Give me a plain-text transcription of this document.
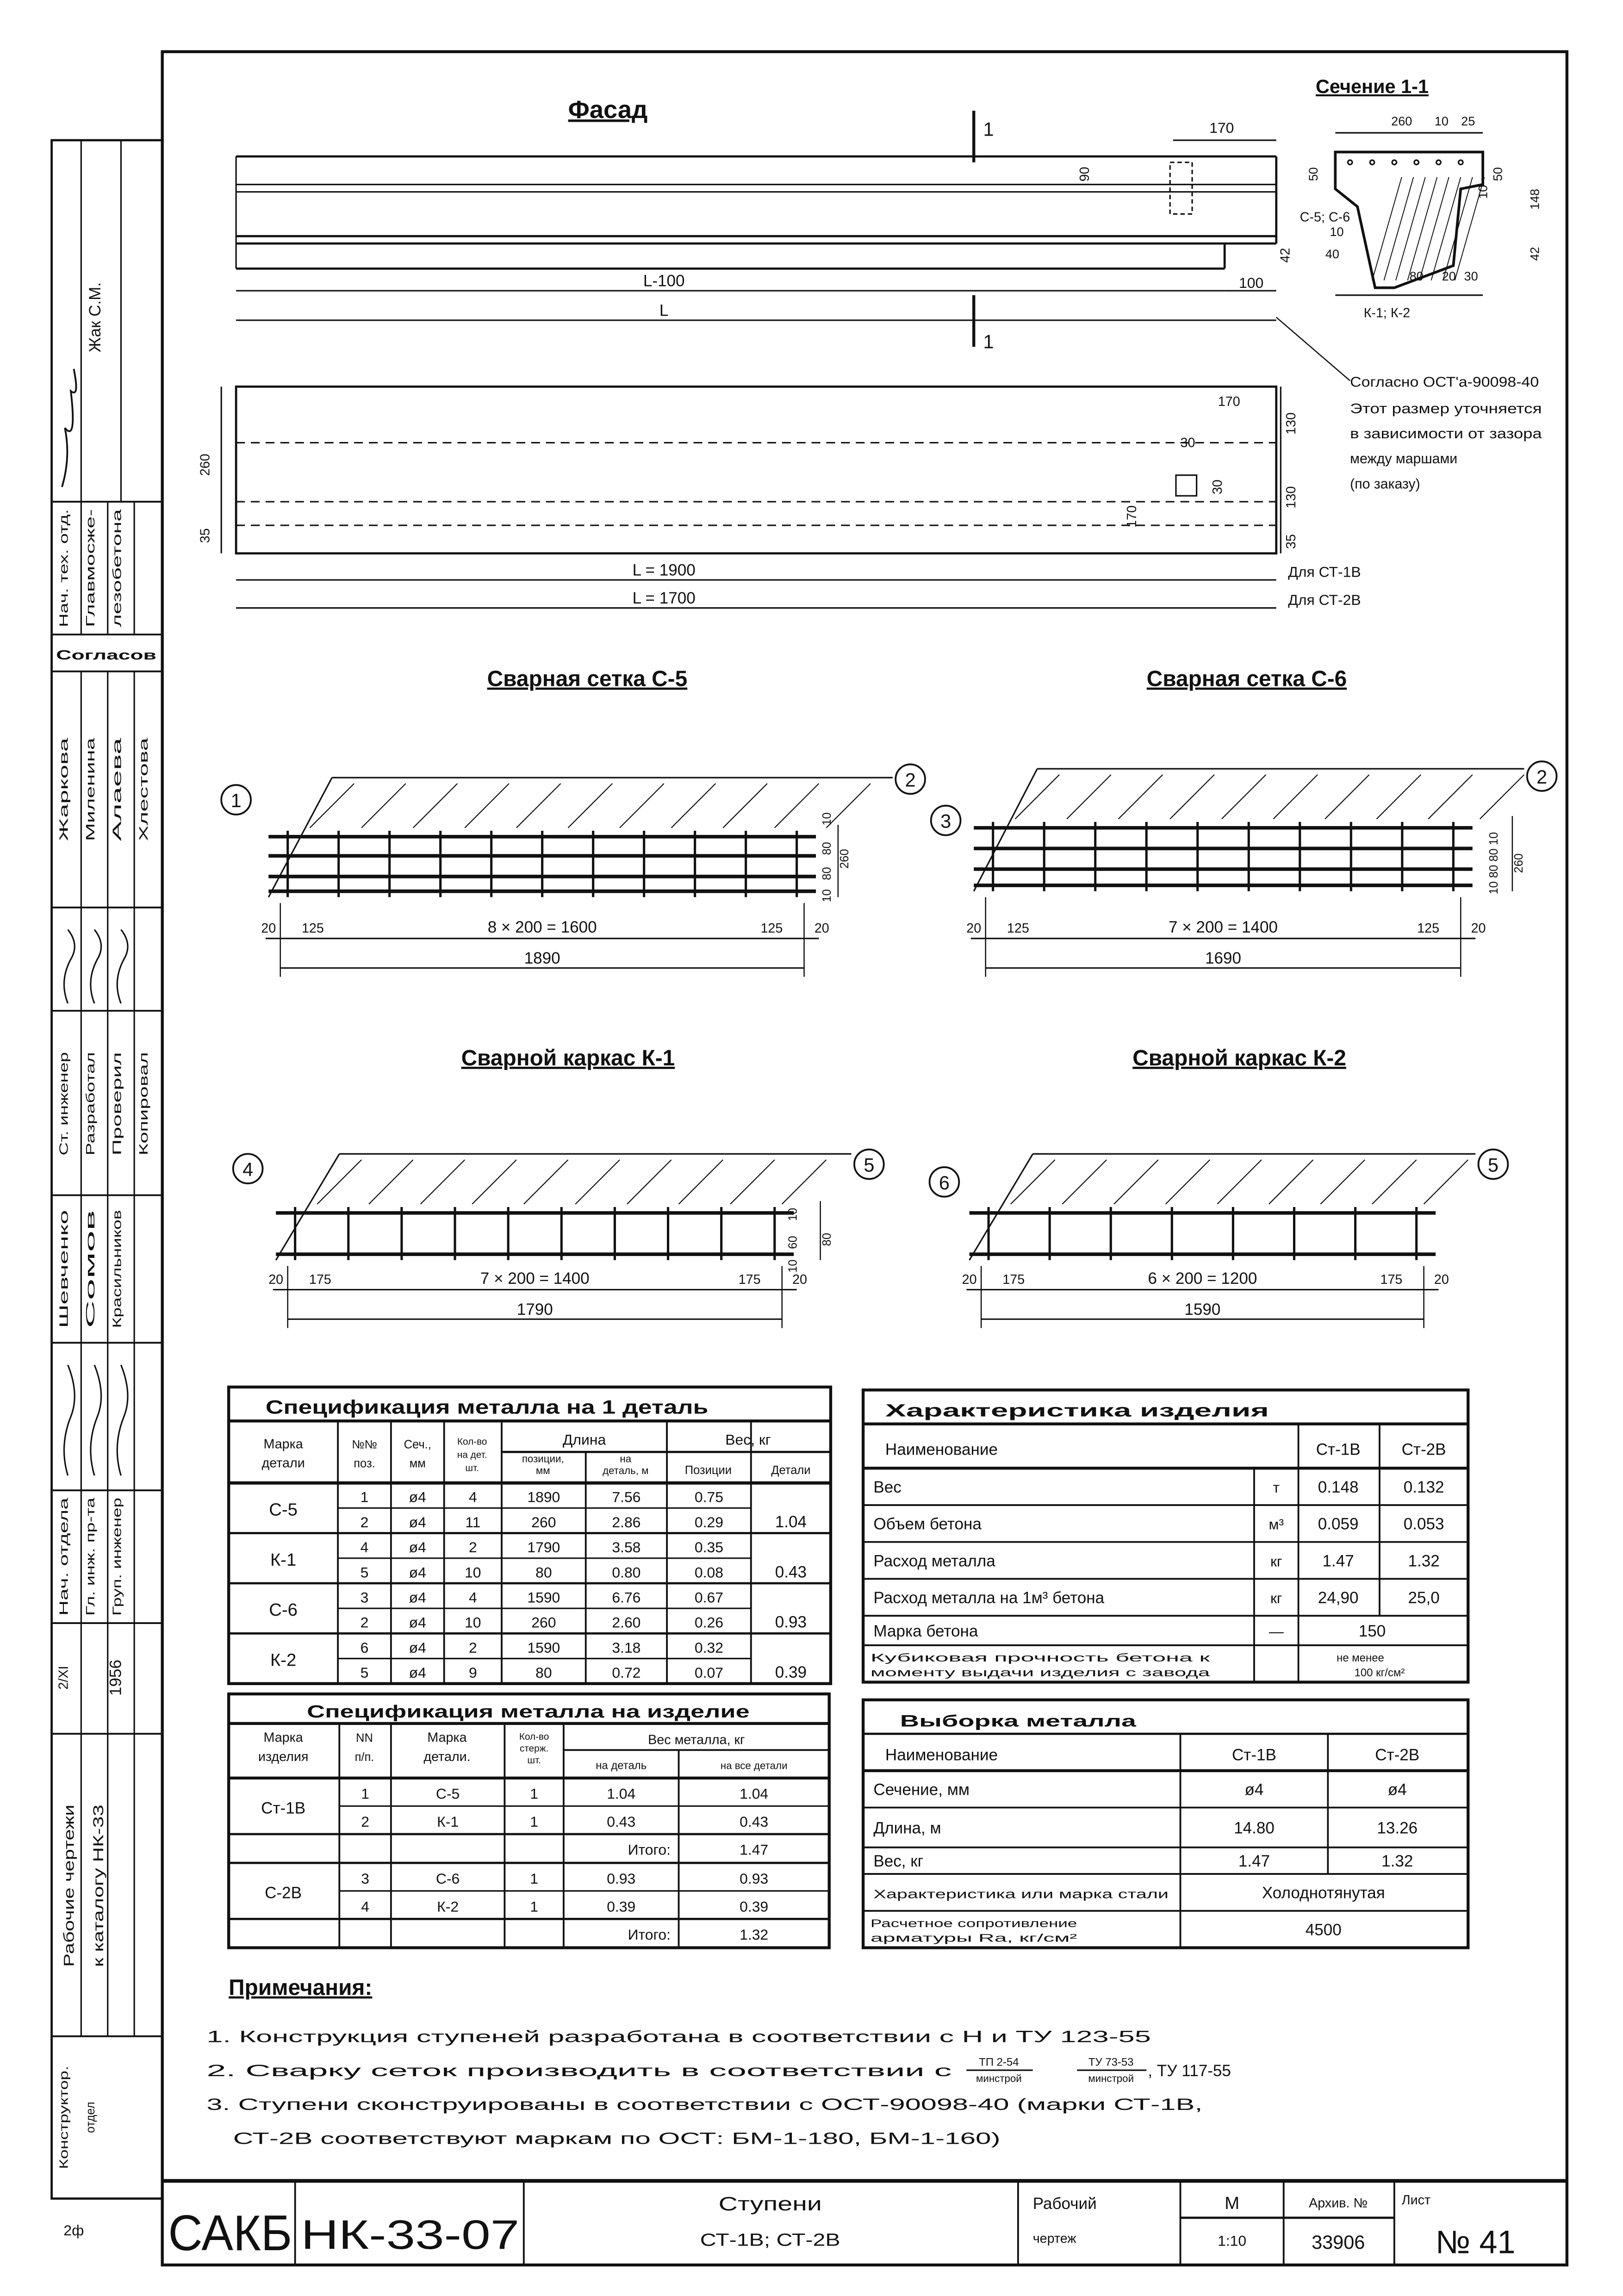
Жак С.М.
Нач. тех. отд.	Главмосже-	лезобетона
Согласов
Жаркова	Миленина	Алаева	Хлестова
Ст. инженер	Разработал	Проверил	Копировал
Шевченко	Сомов	Красильников
Нач. отдела	Гл. инж. пр-та	Груп. инженер
2/XI	1956
Рабочие чертежи	к каталогу НК-33
Конструктор.	отдел
2ф
Фасад
1
1
170
90
L-100	100
L
42
170
260
30
130
30	130
170
35	35
L = 1900
L = 1700
Для СТ-1В
Для СТ-2В
Согласно ОСТ'а-90098-40
Этот размер уточняется
в зависимости от зазора
между маршами
(по заказу)
Сечение 1-1
260	10	25
50
10
50
148
42
10
40
80	20 30
С-5; С-6
К-1; К-2
Сварная сетка С-5
1
2
20	125	8 × 200 = 1600	125	20
1890
10
80
80
10
260
Сварная сетка С-6
3
2
20	125	7 × 200 = 1400	125	20
1690
10 80 80 10	260
Сварной каркас К-1
4	5
20	175	7 × 200 = 1400	175	20
1790
10
60
10
80
Сварной каркас К-2
6
5
20	175	6 × 200 = 1200	175	20
1590
Примечания:
1. Конструкция ступеней разработана в соответствии с Н и ТУ 123-55
2. Сварку сеток производить в соответствии с	ТП 2-54
минстрой
ТУ 73-53
минстрой	, ТУ 117-55
3. Ступени сконструированы в соответствии с ОСТ-90098-40 (марки СТ-1В,
СТ-2В соответствуют маркам по ОСТ: БМ-1-180, БМ-1-160)
САКБ НК-33-07
Ступени
СТ-1В; СТ-2В
Рабочий
чертеж
М
1:10
Архив. №
33906
Лист
№ 41
Спецификация металла на 1 деталь
Марка
детали
№№
поз.
Сеч.,
мм
Кол-во
на дет.
шт.
Длина	Вес, кг
позиции,
мм
на
деталь, м	Позиции	Детали
С-5
1.04
1	ø4	4	1890	7.56	0.75
2	ø4	11	260	2.86	0.29
К-1
0.43
4	ø4	2	1790	3.58	0.35
5	ø4	10	80	0.80	0.08
С-6
0.93
3	ø4	4	1590	6.76	0.67
2	ø4	10	260	2.60	0.26
К-2
0.39
6	ø4	2	1590	3.18	0.32
5	ø4	9	80	0.72	0.07
Характеристика изделия
Наименование	Ст-1В	Ст-2В
Вес	т	0.148	0.132
Объем бетона	м³	0.059	0.053
Расход металла	кг	1.47	1.32
Расход металла на 1м³ бетона	кг	24,90	25,0
Марка бетона	—	150
Кубиковая прочность бетона к
моменту выдачи изделия с завода
не менее
100 кг/см²
Спецификация металла на изделие
Марка
изделия
NN
п/п.
Марка
детали.
Кол-во
стерж.
шт.
Вес металла, кг
на деталь	на все детали
Ст-1В
1	С-5	1	1.04	1.04
2	К-1	1	0.43	0.43
Итого:	1.47
С-2В
3	С-6	1	0.93	0.93
4	К-2	1	0.39	0.39
Итого:	1.32
Выборка металла
Наименование	Ст-1В	Ст-2В
Сечение, мм	ø4	ø4
Длина, м	14.80	13.26
Вес, кг	1.47	1.32
Характеристика или марка стали	Холоднотянутая
Расчетное сопротивление
арматуры Ra, кг/см²	4500
